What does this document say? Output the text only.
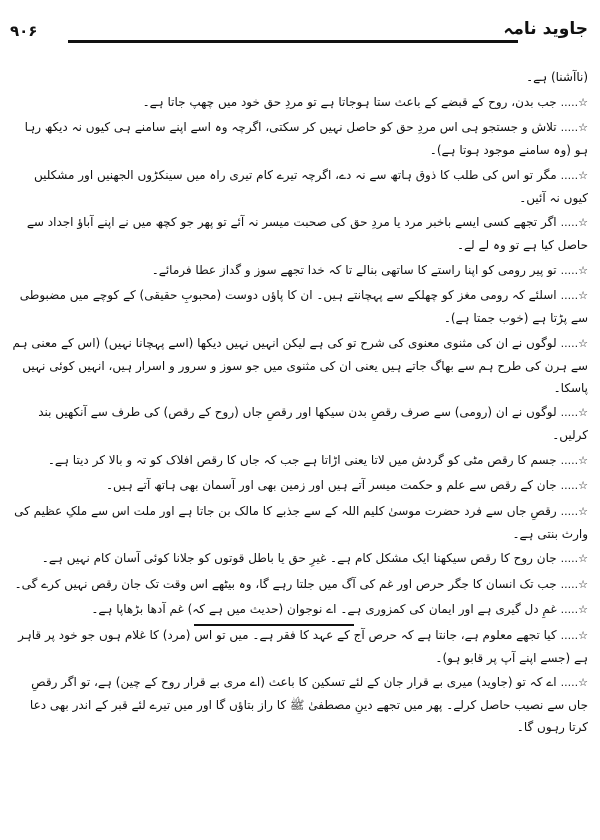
۹۰۶	جاوید نامہ

(ناآشنا) ہے۔

☆.....جب بدن، روح کے قبضے کے باعث ستا ہوجاتا ہے تو مردِ حق خود میں چھپ جاتا ہے۔

☆.....تلاش و جستجو ہی اس مردِ حق کو حاصل نہیں کر سکتی، اگرچہ وہ اسے اپنے سامنے ہی کیوں نہ دیکھ رہا ہو (وہ سامنے موجود ہوتا ہے)۔

☆.....مگر تو اس کی طلب کا ذوق ہاتھ سے نہ دے، اگرچہ تیرے کام تیری راہ میں سینکڑوں الجھنیں اور مشکلیں کیوں نہ آئیں۔

☆.....اگر تجھے کسی ایسے باخبر مرد یا مردِ حق کی صحبت میسر نہ آئے تو پھر جو کچھ میں نے اپنے آباؤ اجداد سے حاصل کیا ہے تو وہ لے لے۔

☆.....تو پیر رومی کو اپنا راستے کا ساتھی بنالے تا کہ خدا تجھے سوز و گداز عطا فرمائے۔

☆.....اسلئے کہ رومی مغز کو چھلکے سے پہچانتے ہیں۔ ان کا پاؤں دوست (محبوبِ حقیقی) کے کوچے میں مضبوطی سے پڑتا ہے (خوب جمتا ہے)۔

☆.....لوگوں نے ان کی مثنوی معنوی کی شرح تو کی ہے لیکن انہیں نہیں دیکھا (اسے پہچانا نہیں) (اس کے معنی ہم سے ہرن کی طرح ہم سے بھاگ جاتے ہیں یعنی ان کی مثنوی میں جو سوز و سرور و اسرار ہیں، انہیں کوئی نہیں پاسکا۔

☆.....لوگوں نے ان (رومی) سے صرف رقصِ بدن سیکھا اور رقصِ جاں (روح کے رقص) کی طرف سے آنکھیں بند کرلیں۔

☆.....جسم کا رقص مٹی کو گردش میں لاتا یعنی اڑاتا ہے جب کہ جاں کا رقص افلاک کو تہ و بالا کر دیتا ہے۔

☆.....جان کے رقص سے علم و حکمت میسر آتے ہیں اور زمین بھی اور آسمان بھی ہاتھ آتے ہیں۔

☆.....رقصِ جاں سے فرد حضرت موسیٰ کلیم اللہ کے سے جذبے کا مالک بن جاتا ہے اور ملت اس سے ملکِ عظیم کی وارث بنتی ہے۔

☆.....جان روح کا رقص سیکھنا ایک مشکل کام ہے۔ غیرِ حق یا باطل قوتوں کو جلانا کوئی آسان کام نہیں ہے۔

☆.....جب تک انسان کا جگر حرص اور غم کی آگ میں جلتا رہے گا، وہ بیٹھے اس وقت تک جان رقص نہیں کرے گی۔

☆.....غمِ دل گیری ہے اور ایمان کی کمزوری ہے۔ اے نوجوان (حدیث میں ہے کہ) غم آدھا بڑھاپا ہے۔

☆.....کیا تجھے معلوم ہے، جانتا ہے کہ حرص آج کے عہد کا فقر ہے۔ میں تو اس (مرد) کا غلام ہوں جو خود پر قاہر ہے (جسے اپنے آپ پر قابو ہو)۔

☆.....اے کہ تو (جاوید) میری بے قرار جان کے لئے تسکین کا باعث (اے مری بے قرار روح کے چین) ہے، تو اگر رقصِ جاں سے نصیب حاصل کرلے۔ پھر میں تجھے دینِ مصطفیٰ ﷺ کا راز بتاؤں گا اور میں تیرے لئے قبر کے اندر بھی دعا کرتا رہوں گا۔
